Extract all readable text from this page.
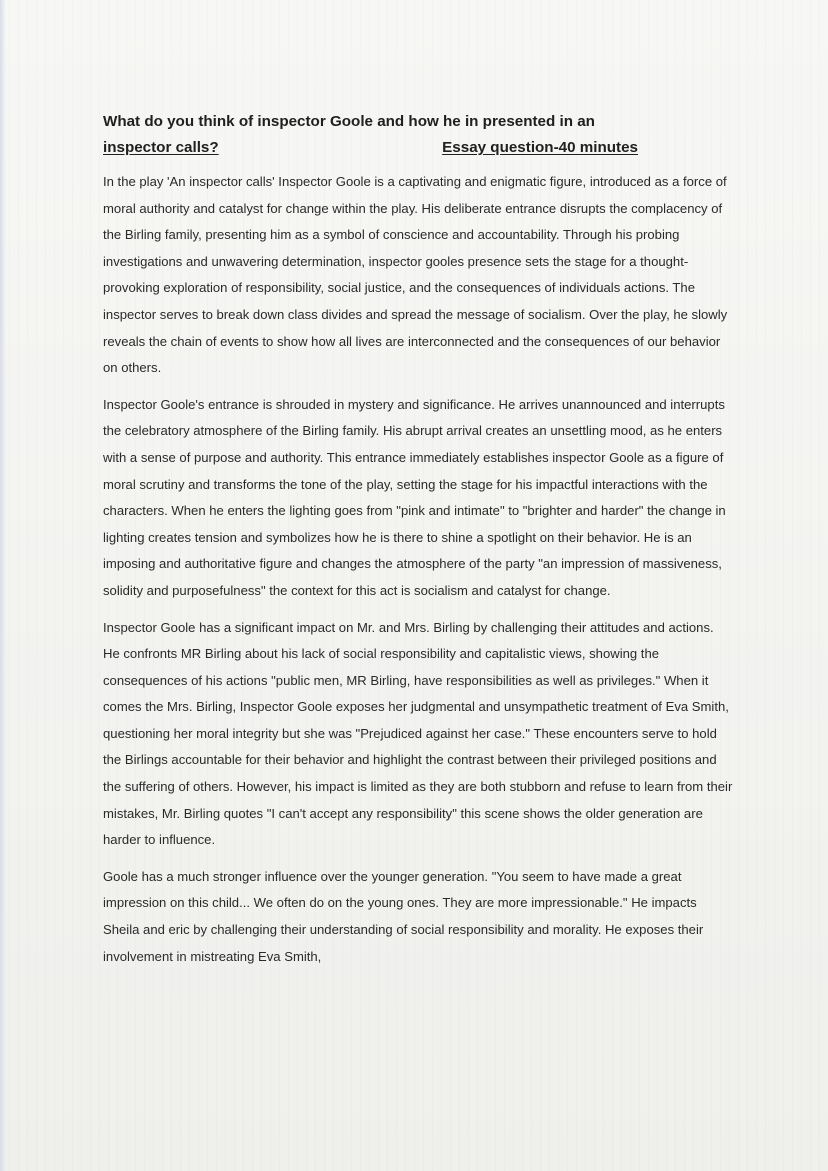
What do you think of inspector Goole and how he in presented in an
inspector calls?	Essay question-40 minutes

In the play 'An inspector calls' Inspector Goole is a captivating and enigmatic figure, introduced as a force of moral authority and catalyst for change within the play. His deliberate entrance disrupts the complacency of the Birling family, presenting him as a symbol of conscience and accountability. Through his probing investigations and unwavering determination, inspector gooles presence sets the stage for a thought-provoking exploration of responsibility, social justice, and the consequences of individuals actions. The inspector serves to break down class divides and spread the message of socialism. Over the play, he slowly reveals the chain of events to show how all lives are interconnected and the consequences of our behavior on others.

Inspector Goole's entrance is shrouded in mystery and significance. He arrives unannounced and interrupts the celebratory atmosphere of the Birling family. His abrupt arrival creates an unsettling mood, as he enters with a sense of purpose and authority. This entrance immediately establishes inspector Goole as a figure of moral scrutiny and transforms the tone of the play, setting the stage for his impactful interactions with the characters. When he enters the lighting goes from "pink and intimate" to "brighter and harder" the change in lighting creates tension and symbolizes how he is there to shine a spotlight on their behavior. He is an imposing and authoritative figure and changes the atmosphere of the party "an impression of massiveness, solidity and purposefulness" the context for this act is socialism and catalyst for change.

Inspector Goole has a significant impact on Mr. and Mrs. Birling by challenging their attitudes and actions. He confronts MR Birling about his lack of social responsibility and capitalistic views, showing the consequences of his actions "public men, MR Birling, have responsibilities as well as privileges." When it comes the Mrs. Birling, Inspector Goole exposes her judgmental and unsympathetic treatment of Eva Smith, questioning her moral integrity but she was "Prejudiced against her case." These encounters serve to hold the Birlings accountable for their behavior and highlight the contrast between their privileged positions and the suffering of others. However, his impact is limited as they are both stubborn and refuse to learn from their mistakes, Mr. Birling quotes "I can't accept any responsibility" this scene shows the older generation are harder to influence.

Goole has a much stronger influence over the younger generation. "You seem to have made a great impression on this child... We often do on the young ones. They are more impressionable." He impacts Sheila and eric by challenging their understanding of social responsibility and morality. He exposes their involvement in mistreating Eva Smith,
